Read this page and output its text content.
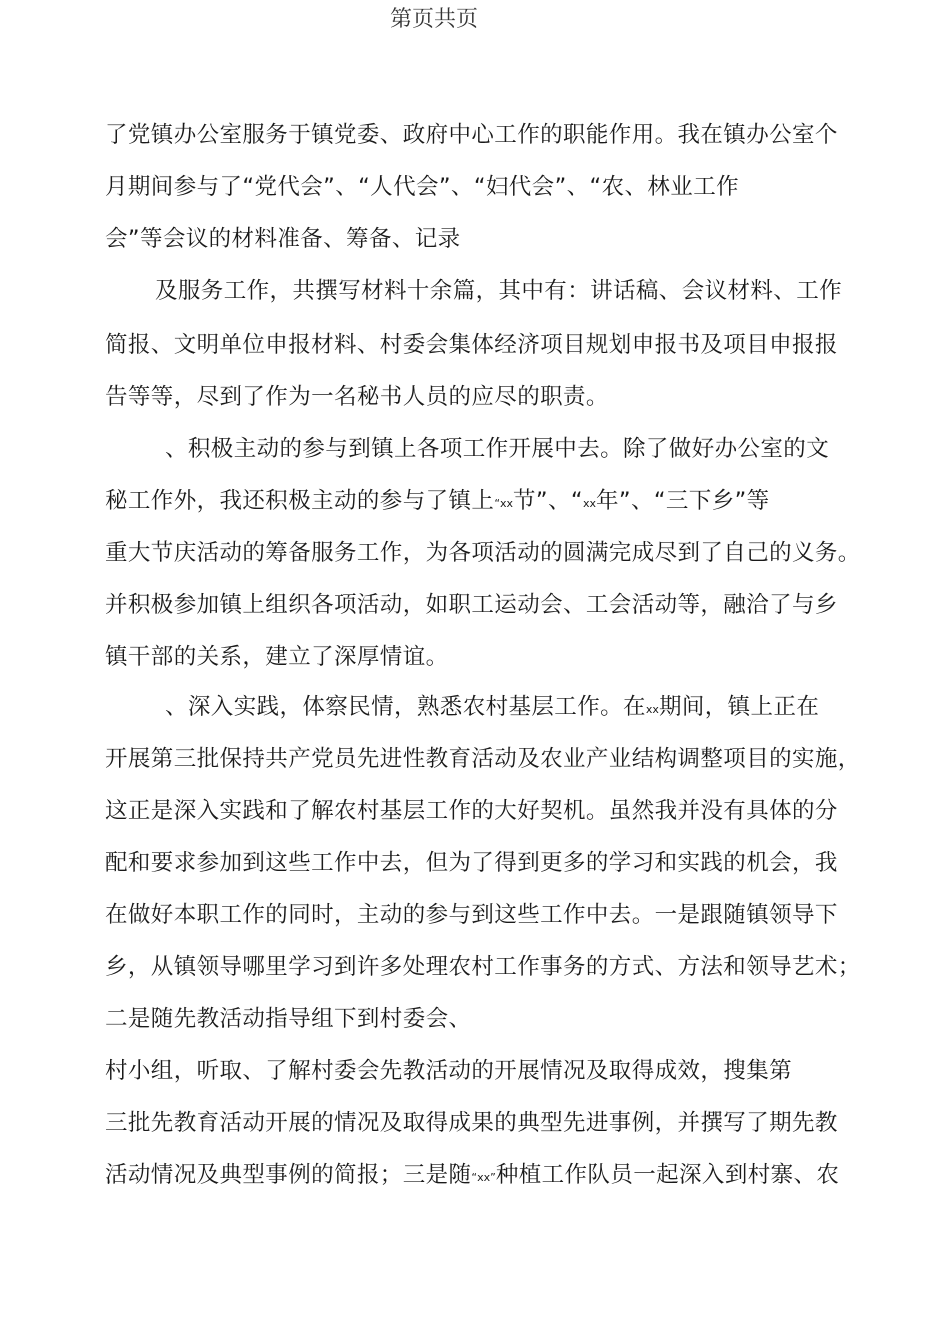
第页共页
了党镇办公室服务于镇党委、政府中心工作的职能作用。我在镇办公室个
月期间参与了“党代会”、“人代会”、“妇代会”、“农、林业工作
会”等会议的材料准备、筹备、记录
及服务工作，共撰写材料十余篇，其中有：讲话稿、会议材料、工作
简报、文明单位申报材料、村委会集体经济项目规划申报书及项目申报报
告等等，尽到了作为一名秘书人员的应尽的职责。
、积极主动的参与到镇上各项工作开展中去。除了做好办公室的文
秘工作外，我还积极主动的参与了镇上“xx节”、“xx年”、“三下乡”等
重大节庆活动的筹备服务工作，为各项活动的圆满完成尽到了自己的义务。
并积极参加镇上组织各项活动，如职工运动会、工会活动等，融洽了与乡
镇干部的关系，建立了深厚情谊。
、深入实践，体察民情，熟悉农村基层工作。在xx期间，镇上正在
开展第三批保持共产党员先进性教育活动及农业产业结构调整项目的实施，
这正是深入实践和了解农村基层工作的大好契机。虽然我并没有具体的分
配和要求参加到这些工作中去，但为了得到更多的学习和实践的机会，我
在做好本职工作的同时，主动的参与到这些工作中去。一是跟随镇领导下
乡，从镇领导哪里学习到许多处理农村工作事务的方式、方法和领导艺术；
二是随先教活动指导组下到村委会、
村小组，听取、了解村委会先教活动的开展情况及取得成效，搜集第
三批先教育活动开展的情况及取得成果的典型先进事例，并撰写了期先教
活动情况及典型事例的简报；三是随“xx”种植工作队员一起深入到村寨、农
